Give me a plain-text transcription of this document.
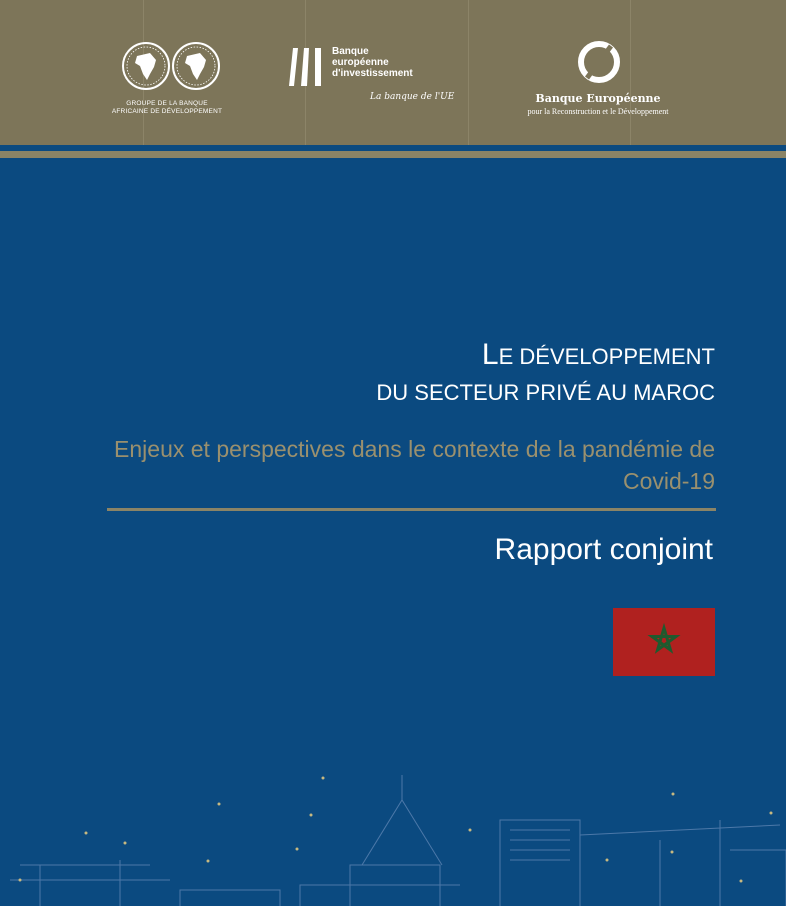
GROUPE DE LA BANQUE AFRICAINE DE DÉVELOPPEMENT
Banque
européenne
d'investissement
La banque de l'UE	Banque Européenne
pour la Reconstruction et le Développement
LE DÉVELOPPEMENT
DU SECTEUR PRIVÉ AU MAROC
Enjeux et perspectives dans le contexte de la pandémie de Covid-19
Rapport conjoint
